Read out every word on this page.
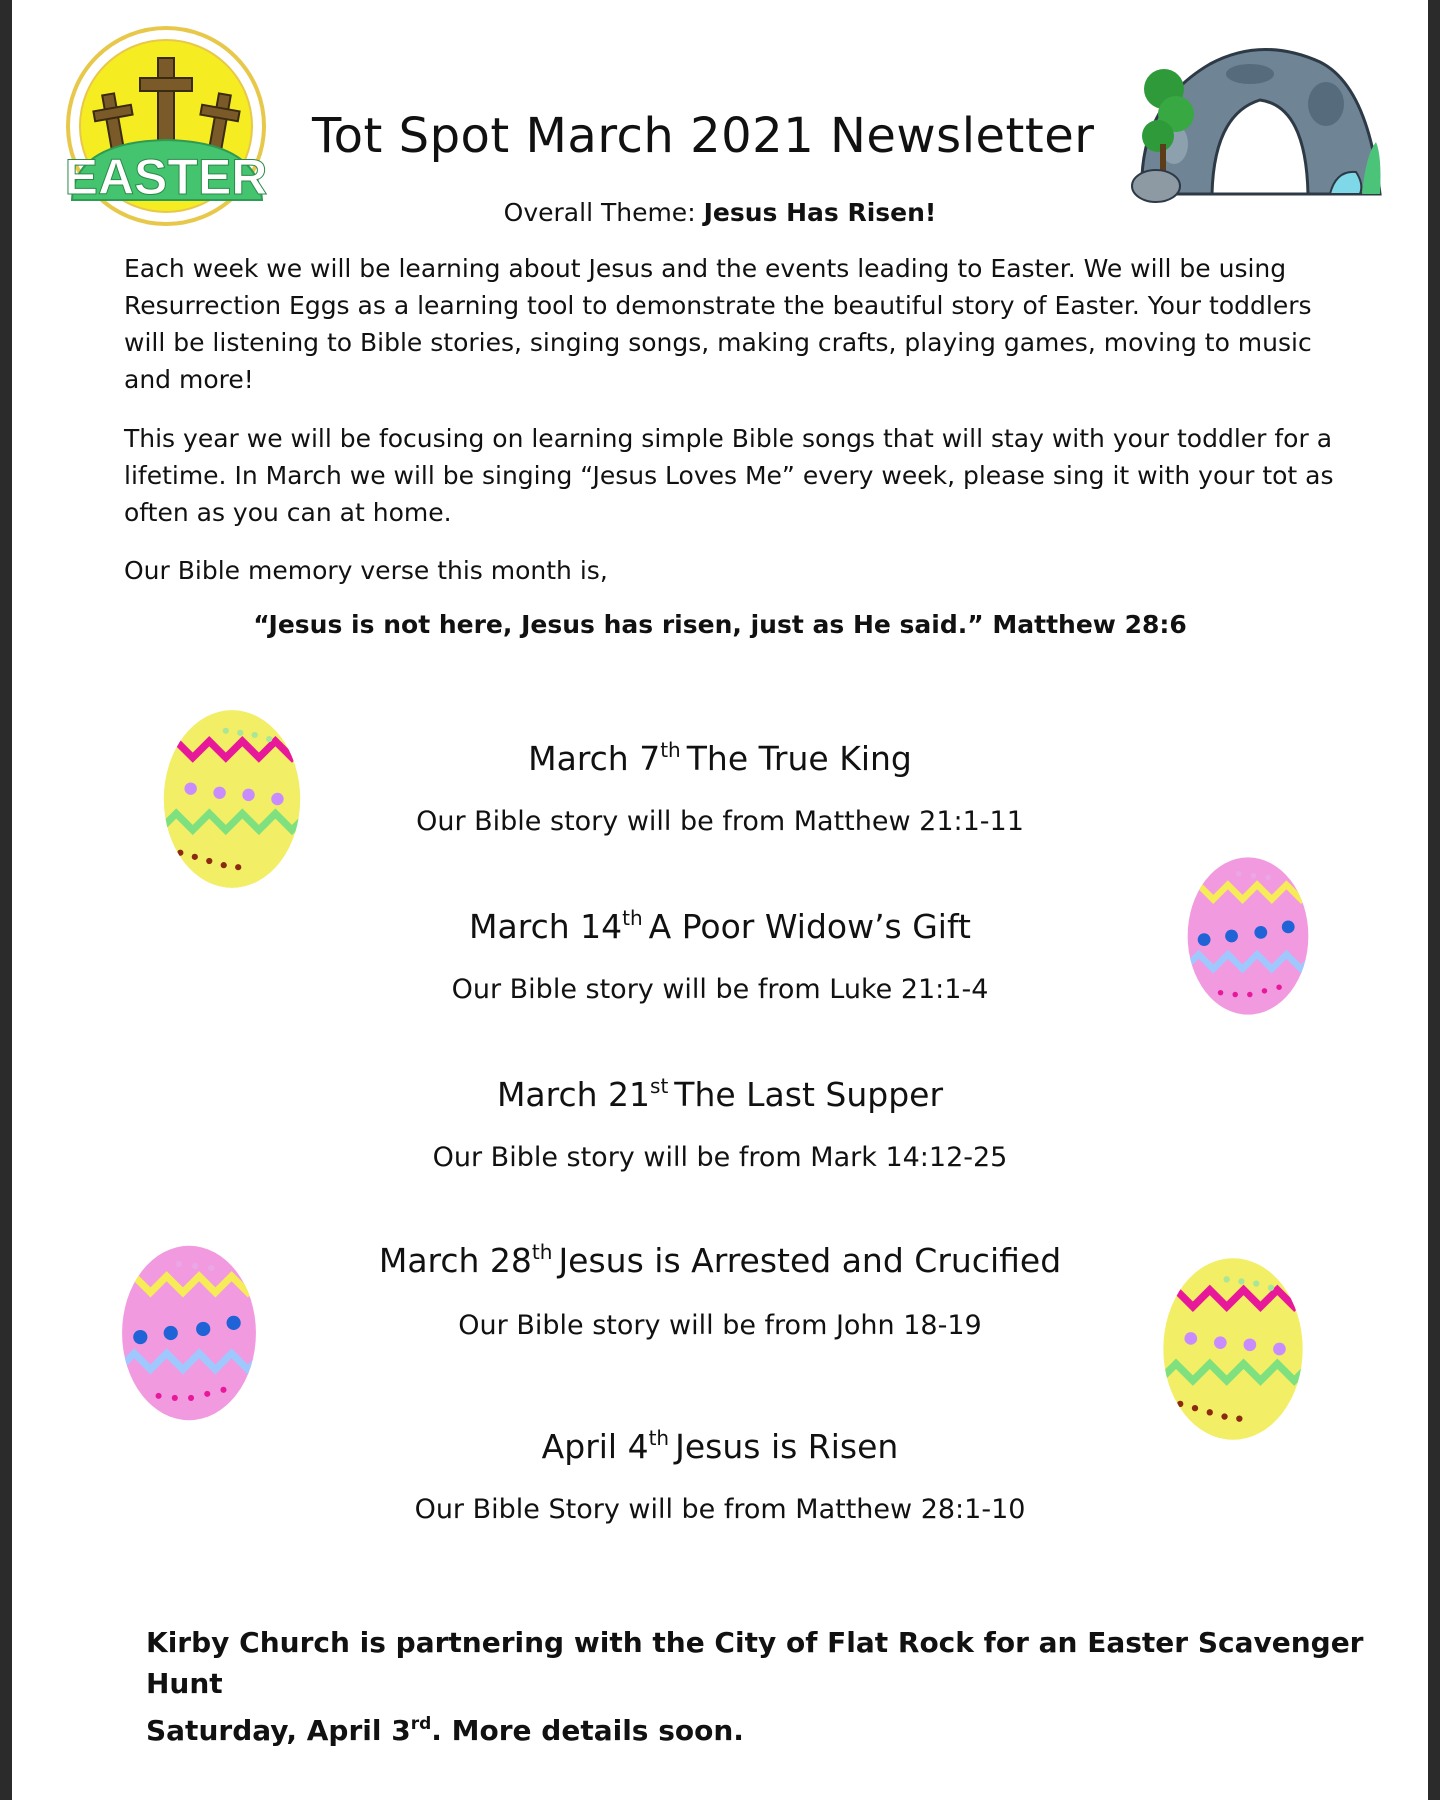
EASTER
Tot Spot March 2021 Newsletter
Overall Theme: Jesus Has Risen!
Each week we will be learning about Jesus and the events leading to Easter. We will be using Resurrection Eggs as a learning tool to demonstrate the beautiful story of Easter. Your toddlers will be listening to Bible stories, singing songs, making crafts, playing games, moving to music and more!
This year we will be focusing on learning simple Bible songs that will stay with your toddler for a lifetime. In March we will be singing “Jesus Loves Me” every week, please sing it with your tot as often as you can at home.
Our Bible memory verse this month is,
“Jesus is not here, Jesus has risen, just as He said.” Matthew 28:6
March 7th The True King
Our Bible story will be from Matthew 21:1-11
March 14th A Poor Widow’s Gift
Our Bible story will be from Luke 21:1-4
March 21st The Last Supper
Our Bible story will be from Mark 14:12-25
March 28th Jesus is Arrested and Crucified
Our Bible story will be from John 18-19
April 4th Jesus is Risen
Our Bible Story will be from Matthew 28:1-10
Kirby Church is partnering with the City of Flat Rock for an Easter Scavenger Hunt
Saturday, April 3rd. More details soon.
